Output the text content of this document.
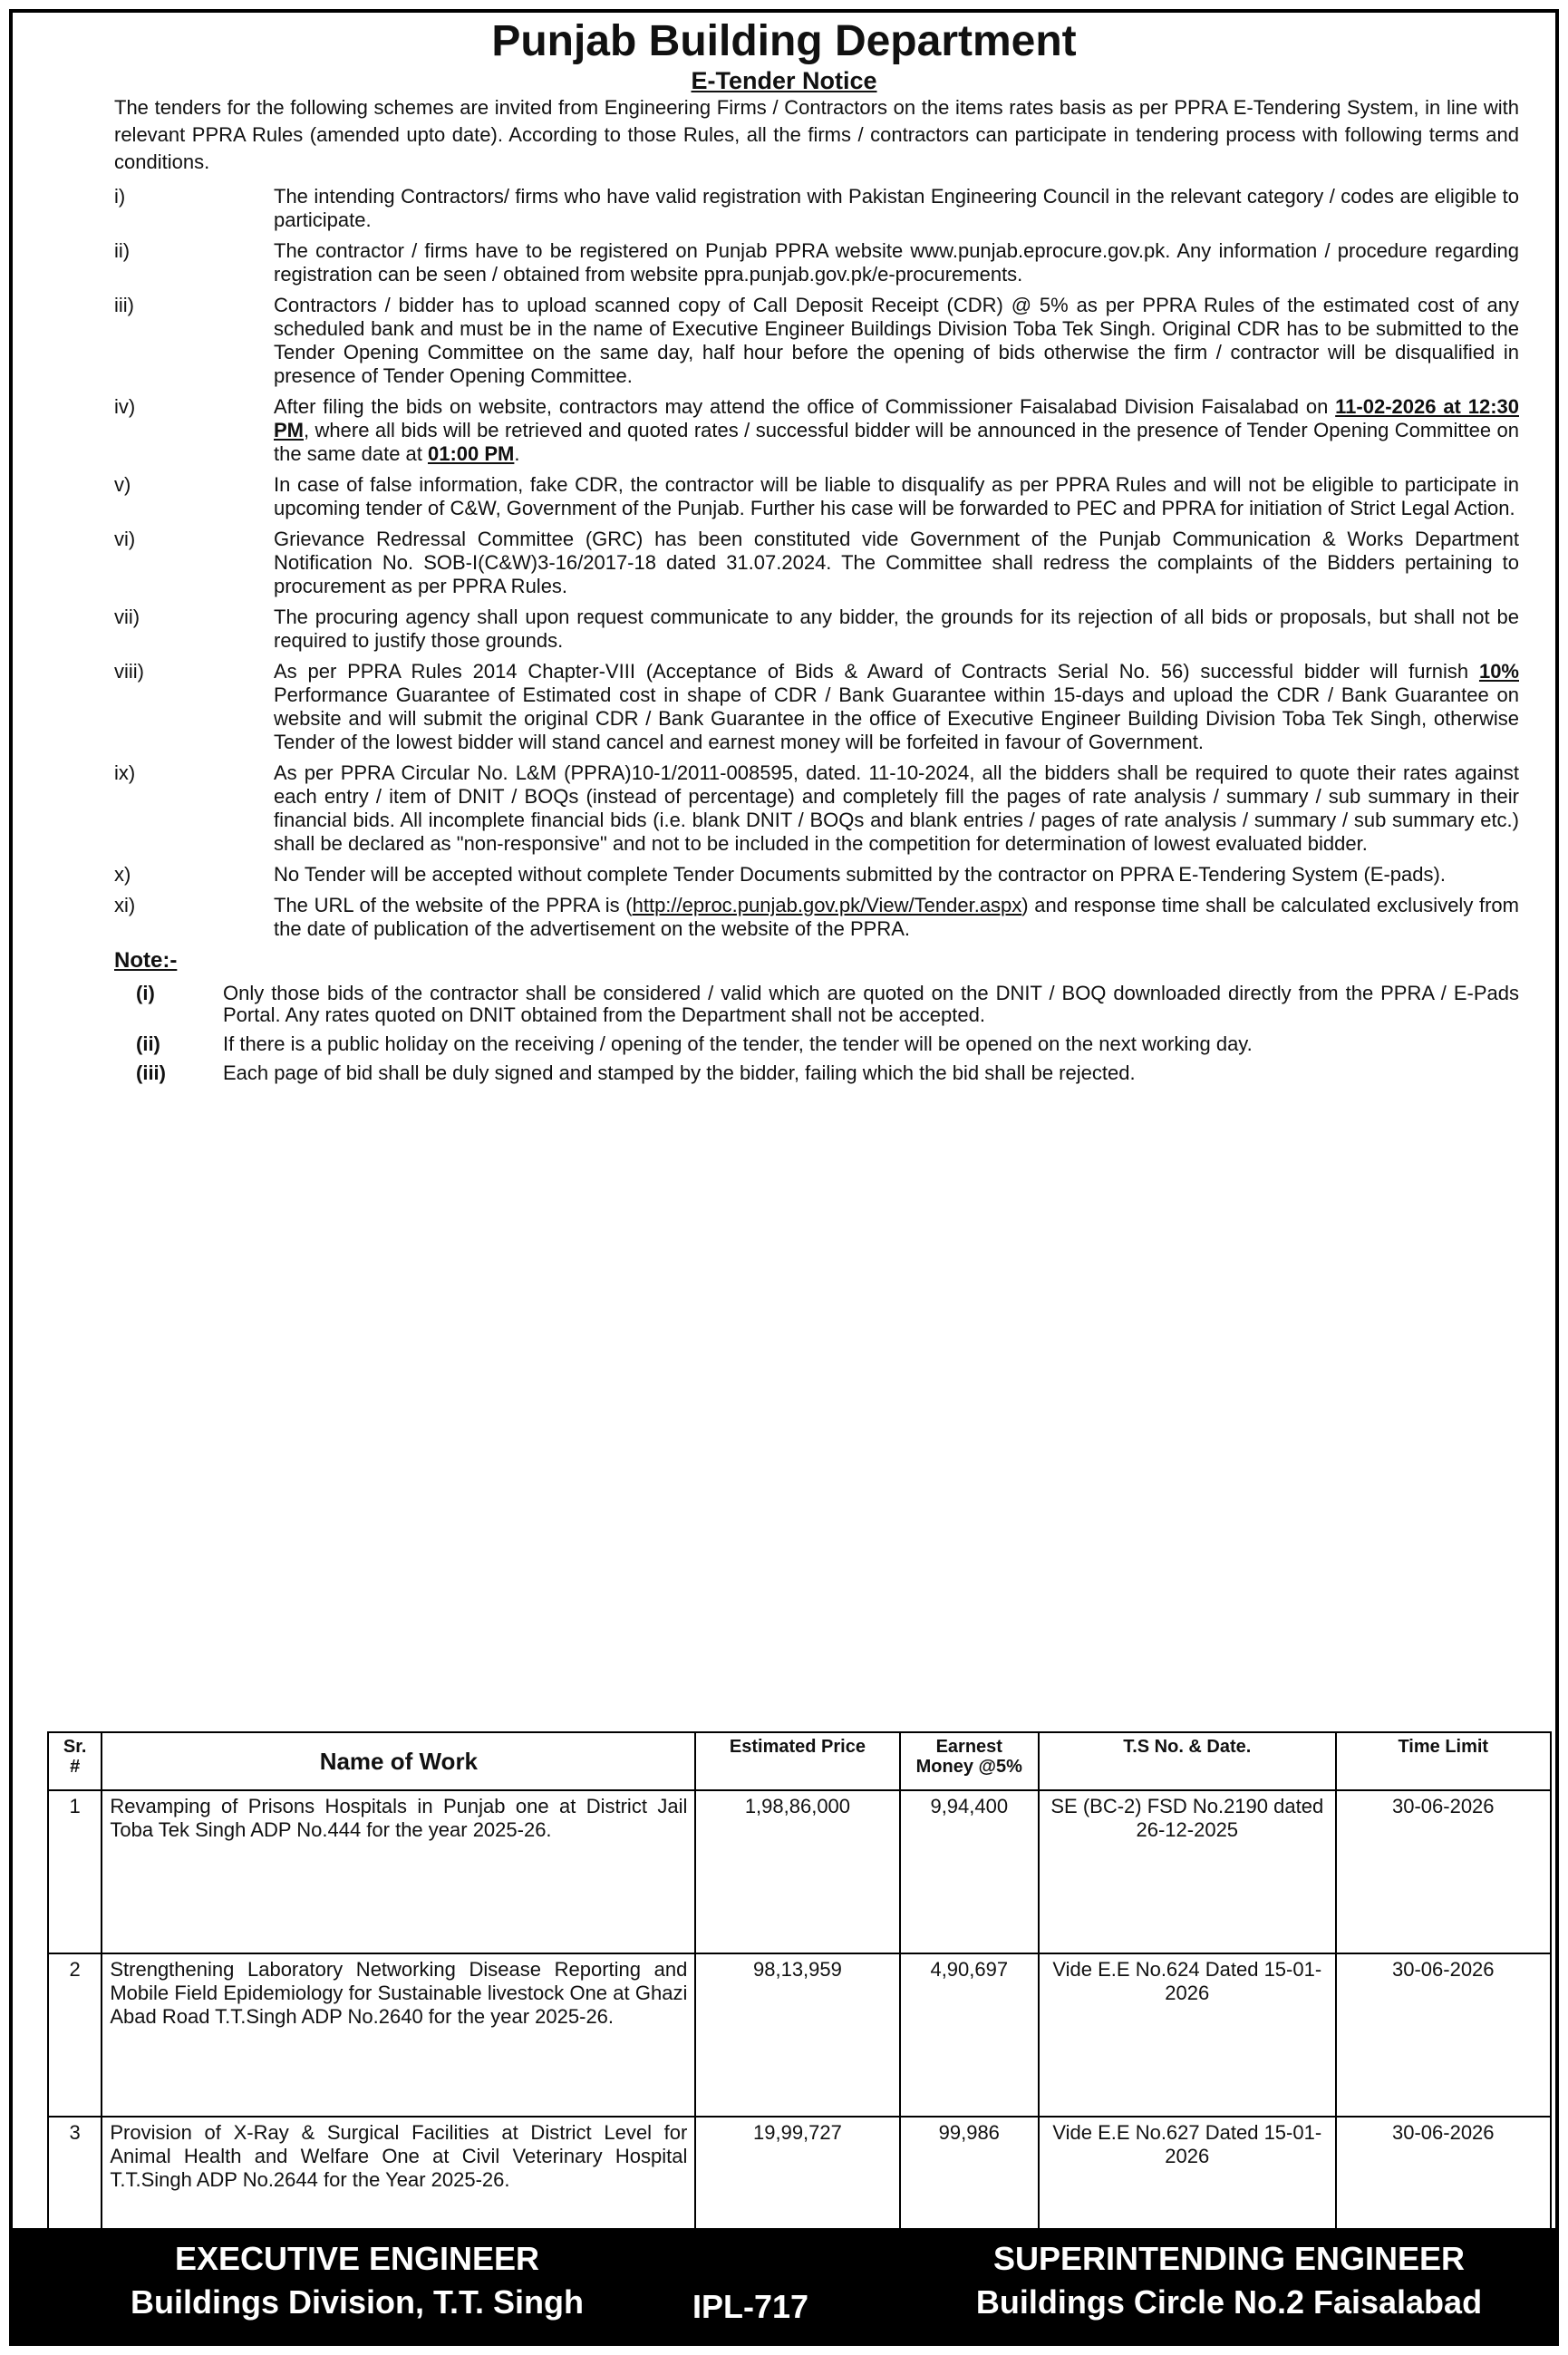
Punjab Building Department
E-Tender Notice

The tenders for the following schemes are invited from Engineering Firms / Contractors on the items rates basis as per PPRA E-Tendering System, in line with relevant PPRA Rules (amended upto date). According to those Rules, all the firms / contractors can participate in tendering process with following terms and conditions.

i)	The intending Contractors/ firms who have valid registration with Pakistan Engineering Council in the relevant category / codes are eligible to participate.
ii)	The contractor / firms have to be registered on Punjab PPRA website www.punjab.eprocure.gov.pk. Any information / procedure regarding registration can be seen / obtained from website ppra.punjab.gov.pk/e-procurements.
iii)	Contractors / bidder has to upload scanned copy of Call Deposit Receipt (CDR) @ 5% as per PPRA Rules of the estimated cost of any scheduled bank and must be in the name of Executive Engineer Buildings Division Toba Tek Singh. Original CDR has to be submitted to the Tender Opening Committee on the same day, half hour before the opening of bids otherwise the firm / contractor will be disqualified in presence of Tender Opening Committee.
iv)	After filing the bids on website, contractors may attend the office of Commissioner Faisalabad Division Faisalabad on 11-02-2026 at 12:30 PM, where all bids will be retrieved and quoted rates / successful bidder will be announced in the presence of Tender Opening Committee on the same date at 01:00 PM.
v)	In case of false information, fake CDR, the contractor will be liable to disqualify as per PPRA Rules and will not be eligible to participate in upcoming tender of C&W, Government of the Punjab. Further his case will be forwarded to PEC and PPRA for initiation of Strict Legal Action.
vi)	Grievance Redressal Committee (GRC) has been constituted vide Government of the Punjab Communication & Works Department Notification No. SOB-I(C&W)3-16/2017-18 dated 31.07.2024. The Committee shall redress the complaints of the Bidders pertaining to procurement as per PPRA Rules.
vii)	The procuring agency shall upon request communicate to any bidder, the grounds for its rejection of all bids or proposals, but shall not be required to justify those grounds.
viii)	As per PPRA Rules 2014 Chapter-VIII (Acceptance of Bids & Award of Contracts Serial No. 56) successful bidder will furnish 10% Performance Guarantee of Estimated cost in shape of CDR / Bank Guarantee within 15-days and upload the CDR / Bank Guarantee on website and will submit the original CDR / Bank Guarantee in the office of Executive Engineer Building Division Toba Tek Singh, otherwise Tender of the lowest bidder will stand cancel and earnest money will be forfeited in favour of Government.
ix)	As per PPRA Circular No. L&M (PPRA)10-1/2011-008595, dated. 11-10-2024, all the bidders shall be required to quote their rates against each entry / item of DNIT / BOQs (instead of percentage) and completely fill the pages of rate analysis / summary / sub summary in their financial bids. All incomplete financial bids (i.e. blank DNIT / BOQs and blank entries / pages of rate analysis / summary / sub summary etc.) shall be declared as "non-responsive" and not to be included in the competition for determination of lowest evaluated bidder.
x)	No Tender will be accepted without complete Tender Documents submitted by the contractor on PPRA E-Tendering System (E-pads).
xi)	The URL of the website of the PPRA is (http://eproc.punjab.gov.pk/View/Tender.aspx) and response time shall be calculated exclusively from the date of publication of the advertisement on the website of the PPRA.
Note:-
(i)	Only those bids of the contractor shall be considered / valid which are quoted on the DNIT / BOQ downloaded directly from the PPRA / E-Pads Portal. Any rates quoted on DNIT obtained from the Department shall not be accepted.
(ii)	If there is a public holiday on the receiving / opening of the tender, the tender will be opened on the next working day.
(iii)	Each page of bid shall be duly signed and stamped by the bidder, failing which the bid shall be rejected.
Sr. #	Name of Work	Estimated Price	Earnest Money @5%	T.S No. & Date.	Time Limit
1	Revamping of Prisons Hospitals in Punjab one at District Jail Toba Tek Singh ADP No.444 for the year 2025-26.	1,98,86,000	9,94,400	SE (BC-2) FSD No.2190 dated 26-12-2025	30-06-2026
2	Strengthening Laboratory Networking Disease Reporting and Mobile Field Epidemiology for Sustainable livestock One at Ghazi Abad Road T.T.Singh ADP No.2640 for the year 2025-26.	98,13,959	4,90,697	Vide E.E No.624 Dated 15-01-2026	30-06-2026
3	Provision of X-Ray & Surgical Facilities at District Level for Animal Health and Welfare One at Civil Veterinary Hospital T.T.Singh ADP No.2644 for the Year 2025-26.	19,99,727	99,986	Vide E.E No.627 Dated 15-01-2026	30-06-2026
EXECUTIVE ENGINEER
Buildings Division, T.T. Singh	IPL-717
SUPERINTENDING ENGINEER
Buildings Circle No.2 Faisalabad
